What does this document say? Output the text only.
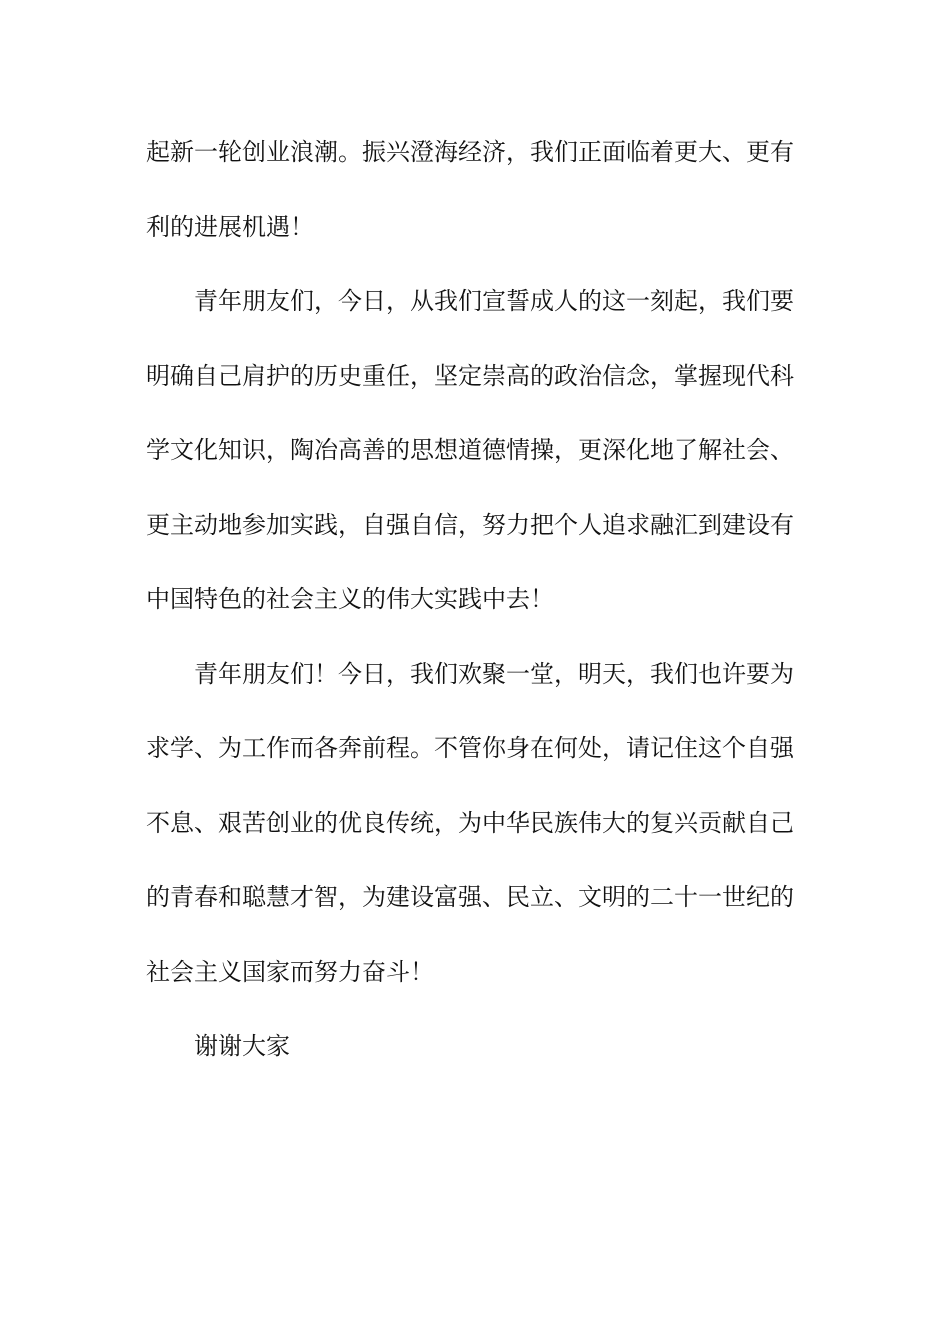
起新一轮创业浪潮。振兴澄海经济，我们正面临着更大、更有
利的进展机遇！
青年朋友们，今日，从我们宣誓成人的这一刻起，我们要
明确自己肩护的历史重任，坚定崇高的政治信念，掌握现代科
学文化知识，陶冶高善的思想道德情操，更深化地了解社会、
更主动地参加实践，自强自信，努力把个人追求融汇到建设有
中国特色的社会主义的伟大实践中去！
青年朋友们！今日，我们欢聚一堂，明天，我们也许要为
求学、为工作而各奔前程。不管你身在何处，请记住这个自强
不息、艰苦创业的优良传统，为中华民族伟大的复兴贡献自己
的青春和聪慧才智，为建设富强、民立、文明的二十一世纪的
社会主义国家而努力奋斗！
谢谢大家
